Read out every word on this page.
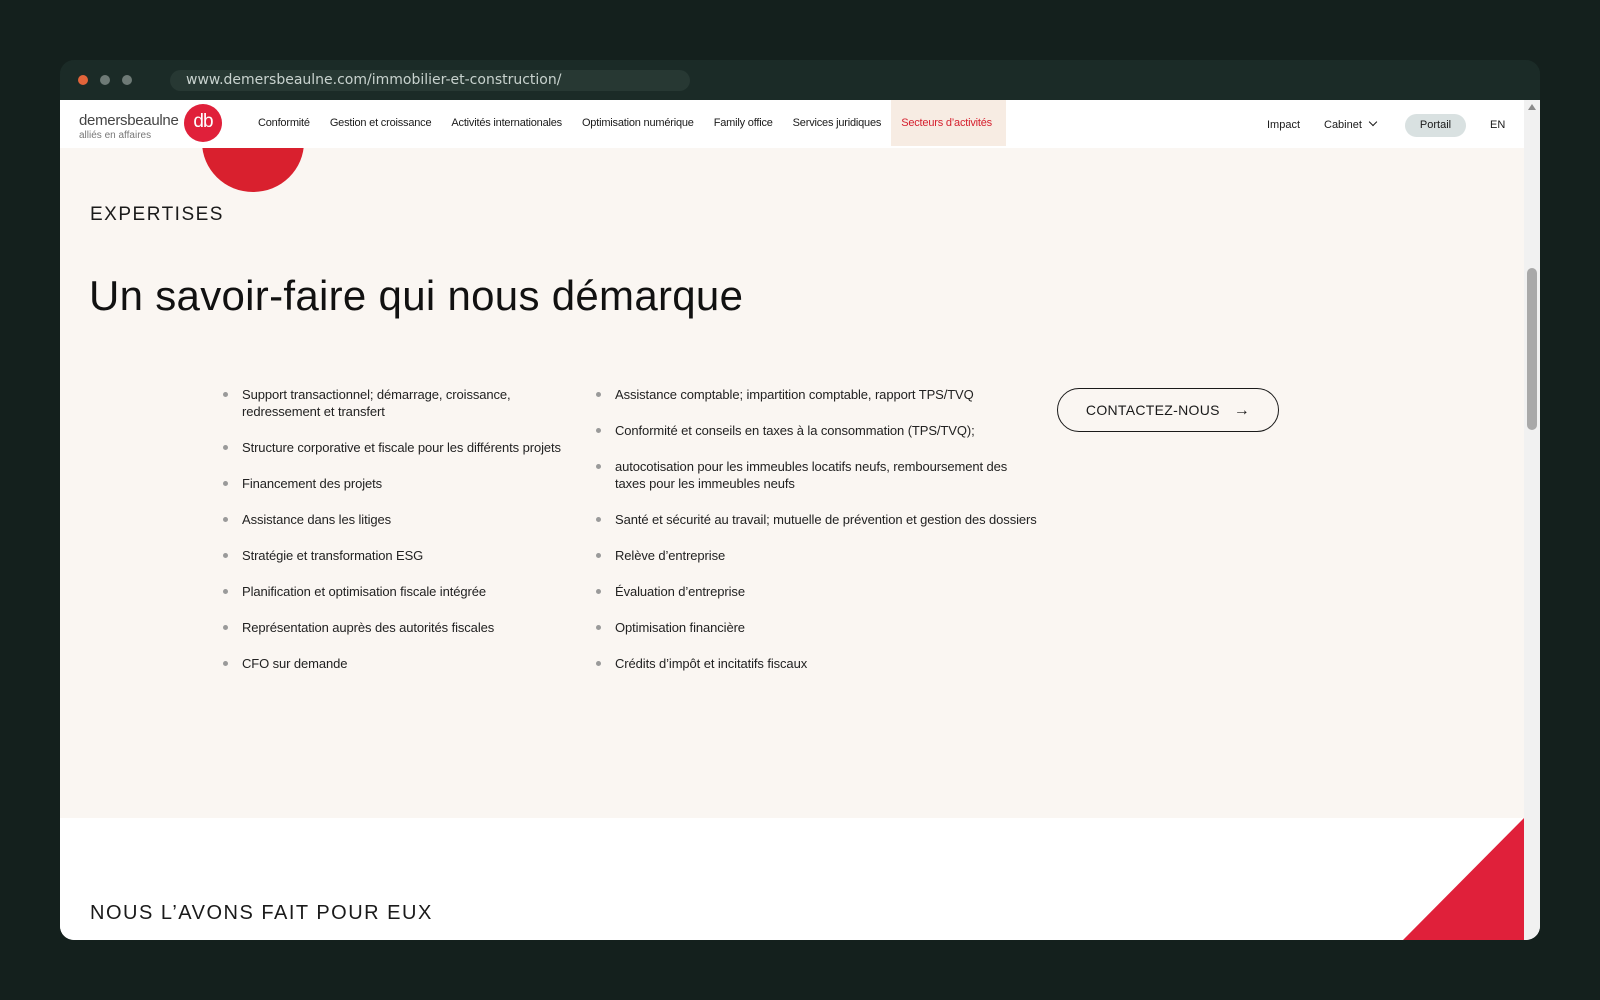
www.demersbeaulne.com/immobilier-et-construction/
EXPERTISES
Un savoir-faire qui nous démarque
Support transactionnel; démarrage, croissance, redressement et transfert
Structure corporative et fiscale pour les différents projets
Financement des projets
Assistance dans les litiges
Stratégie et transformation ESG
Planification et optimisation fiscale intégrée
Représentation auprès des autorités fiscales
CFO sur demande
Assistance comptable; impartition comptable, rapport TPS/TVQ
Conformité et conseils en taxes à la consommation (TPS/TVQ);
autocotisation pour les immeubles locatifs neufs, remboursement des taxes pour les immeubles neufs
Santé et sécurité au travail; mutuelle de prévention et gestion des dossiers
Relève d’entreprise
Évaluation d’entreprise
Optimisation financière
Crédits d’impôt et incitatifs fiscaux
CONTACTEZ-NOUS →
NOUS L’AVONS FAIT POUR EUX
demersbeaulne
alliés en affaires
db	Conformité	Gestion et croissance	Activités internationales	Optimisation numérique	Family office	Services juridiques	Secteurs d’activités	Impact Cabinet	Portail	EN
